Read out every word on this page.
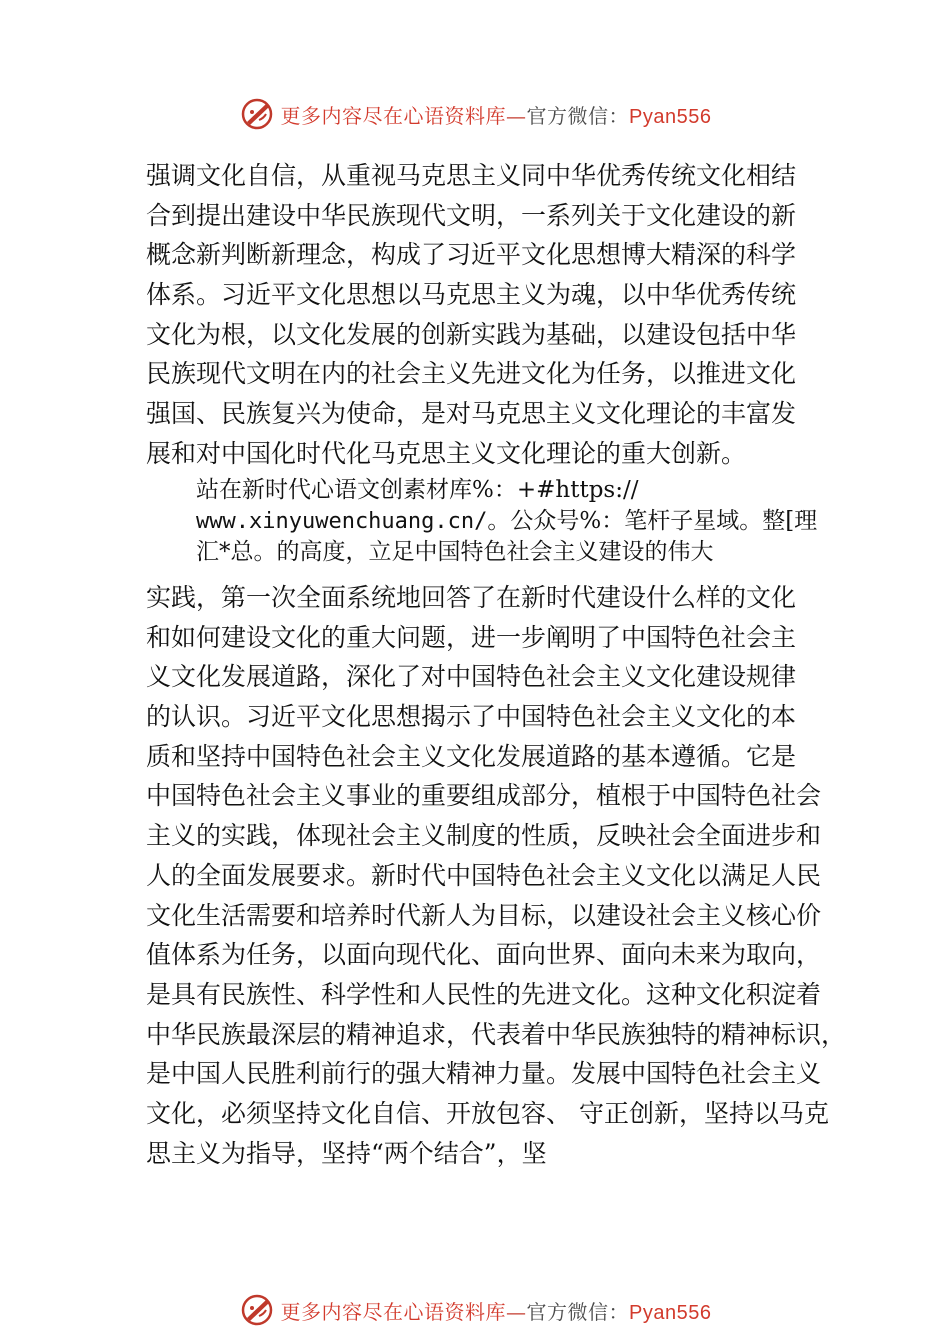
更多内容尽在心语资料库—官方微信：Pyan556
强调文化自信，从重视马克思主义同中华优秀传统文化相结
合到提出建设中华民族现代文明，一系列关于文化建设的新
概念新判断新理念，构成了习近平文化思想博大精深的科学
体系。习近平文化思想以马克思主义为魂，以中华优秀传统
文化为根，以文化发展的创新实践为基础，以建设包括中华
民族现代文明在内的社会主义先进文化为任务，以推进文化
强国、民族复兴为使命，是对马克思主义文化理论的丰富发
展和对中国化时代化马克思主义文化理论的重大创新。
站在新时代心语文创素材库%：+#https://
www.xinyuwenchuang.cn/。公众号%：笔杆子星域。整[理
汇*总。的高度，立足中国特色社会主义建设的伟大
实践，第一次全面系统地回答了在新时代建设什么样的文化
和如何建设文化的重大问题，进一步阐明了中国特色社会主
义文化发展道路，深化了对中国特色社会主义文化建设规律
的认识。习近平文化思想揭示了中国特色社会主义文化的本
质和坚持中国特色社会主义文化发展道路的基本遵循。它是
中国特色社会主义事业的重要组成部分，植根于中国特色社会
主义的实践，体现社会主义制度的性质，反映社会全面进步和
人的全面发展要求。新时代中国特色社会主义文化以满足人民
文化生活需要和培养时代新人为目标，以建设社会主义核心价
值体系为任务，以面向现代化、面向世界、面向未来为取向，
是具有民族性、科学性和人民性的先进文化。这种文化积淀着
中华民族最深层的精神追求，代表着中华民族独特的精神标识，
是中国人民胜利前行的强大精神力量。发展中国特色社会主义
文化，必须坚持文化自信、开放包容、 守正创新，坚持以马克
思主义为指导，坚持“两个结合”，坚
更多内容尽在心语资料库—官方微信：Pyan556
